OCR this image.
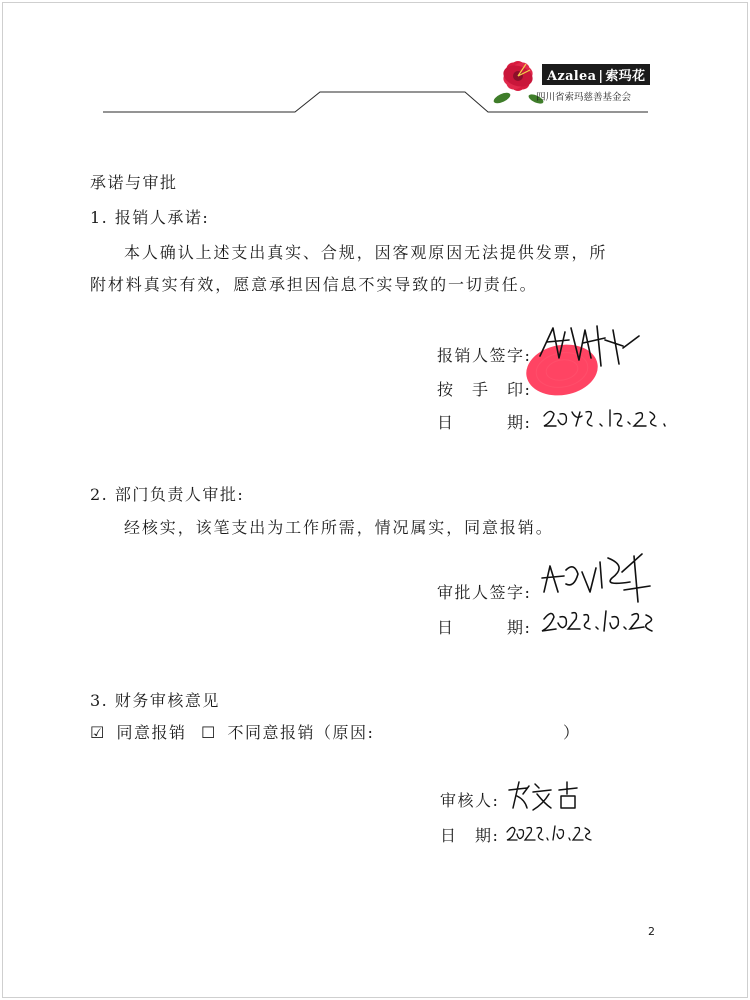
Azalea | 索玛花
四川省索玛慈善基金会
承诺与审批
1. 报销人承诺:
本人确认上述支出真实、合规，因客观原因无法提供发票，所
附材料真实有效，愿意承担因信息不实导致的一切责任。
报销人签字:
按　手　印:
日　　　期:
2. 部门负责人审批:
经核实，该笔支出为工作所需，情况属实，同意报销。
审批人签字:
日　　　期:
3. 财务审核意见
☑ 同意报销 ☐ 不同意报销（原因:	）
审核人:
日　期:
2
